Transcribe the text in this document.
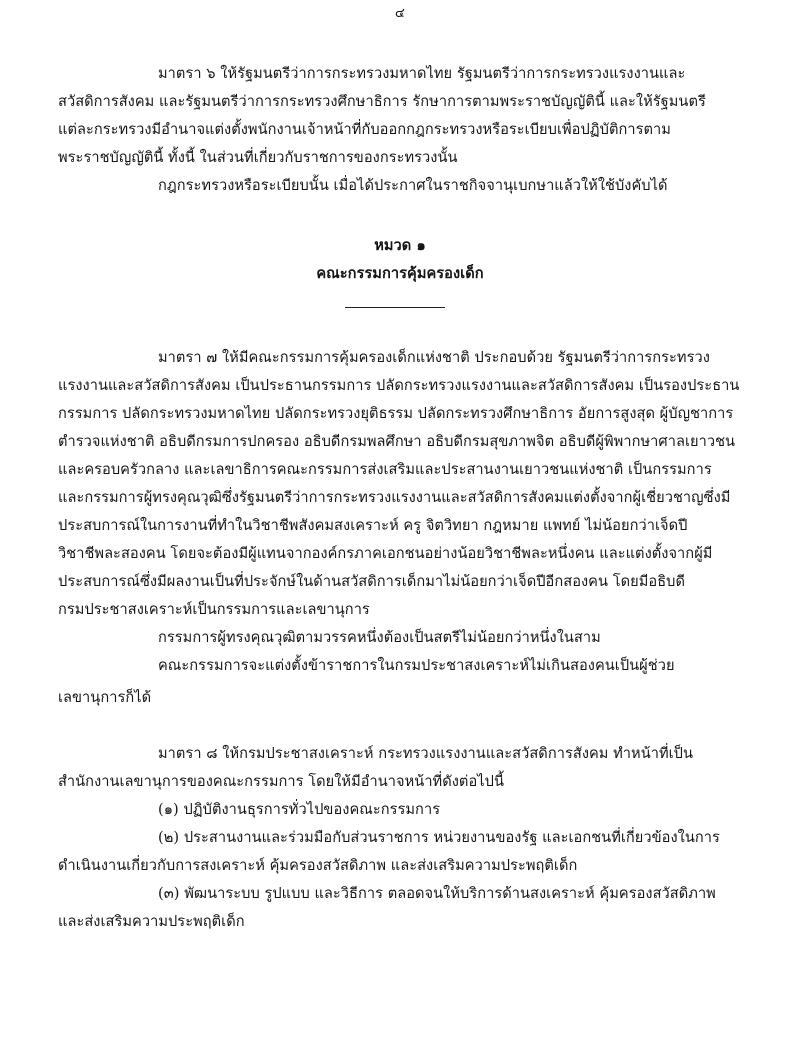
๔
มาตรา ๖ ให้รัฐมนตรีว่าการกระทรวงมหาดไทย รัฐมนตรีว่าการกระทรวงแรงงานและ
สวัสดิการสังคม และรัฐมนตรีว่าการกระทรวงศึกษาธิการ รักษาการตามพระราชบัญญัตินี้ และให้รัฐมนตรี
แต่ละกระทรวงมีอำนาจแต่งตั้งพนักงานเจ้าหน้าที่กับออกกฎกระทรวงหรือระเบียบเพื่อปฏิบัติการตาม
พระราชบัญญัตินี้ ทั้งนี้ ในส่วนที่เกี่ยวกับราชการของกระทรวงนั้น
กฎกระทรวงหรือระเบียบนั้น เมื่อได้ประกาศในราชกิจจานุเบกษาแล้วให้ใช้บังคับได้
หมวด ๑
คณะกรรมการคุ้มครองเด็ก
มาตรา ๗ ให้มีคณะกรรมการคุ้มครองเด็กแห่งชาติ ประกอบด้วย รัฐมนตรีว่าการกระทรวง
แรงงานและสวัสดิการสังคม เป็นประธานกรรมการ ปลัดกระทรวงแรงงานและสวัสดิการสังคม เป็นรองประธาน
กรรมการ ปลัดกระทรวงมหาดไทย ปลัดกระทรวงยุติธรรม ปลัดกระทรวงศึกษาธิการ อัยการสูงสุด ผู้บัญชาการ
ตำรวจแห่งชาติ อธิบดีกรมการปกครอง อธิบดีกรมพลศึกษา อธิบดีกรมสุขภาพจิต อธิบดีผู้พิพากษาศาลเยาวชน
และครอบครัวกลาง และเลขาธิการคณะกรรมการส่งเสริมและประสานงานเยาวชนแห่งชาติ เป็นกรรมการ
และกรรมการผู้ทรงคุณวุฒิซึ่งรัฐมนตรีว่าการกระทรวงแรงงานและสวัสดิการสังคมแต่งตั้งจากผู้เชี่ยวชาญซึ่งมี
ประสบการณ์ในการงานที่ทำในวิชาชีพสังคมสงเคราะห์ ครู จิตวิทยา กฎหมาย แพทย์ ไม่น้อยกว่าเจ็ดปี
วิชาชีพละสองคน โดยจะต้องมีผู้แทนจากองค์กรภาคเอกชนอย่างน้อยวิชาชีพละหนึ่งคน และแต่งตั้งจากผู้มี
ประสบการณ์ซึ่งมีผลงานเป็นที่ประจักษ์ในด้านสวัสดิการเด็กมาไม่น้อยกว่าเจ็ดปีอีกสองคน โดยมีอธิบดี
กรมประชาสงเคราะห์เป็นกรรมการและเลขานุการ
กรรมการผู้ทรงคุณวุฒิตามวรรคหนึ่งต้องเป็นสตรีไม่น้อยกว่าหนึ่งในสาม
คณะกรรมการจะแต่งตั้งข้าราชการในกรมประชาสงเคราะห์ไม่เกินสองคนเป็นผู้ช่วย
เลขานุการก็ได้
มาตรา ๘ ให้กรมประชาสงเคราะห์ กระทรวงแรงงานและสวัสดิการสังคม ทำหน้าที่เป็น
สำนักงานเลขานุการของคณะกรรมการ โดยให้มีอำนาจหน้าที่ดังต่อไปนี้
(๑) ปฏิบัติงานธุรการทั่วไปของคณะกรรมการ
(๒) ประสานงานและร่วมมือกับส่วนราชการ หน่วยงานของรัฐ และเอกชนที่เกี่ยวข้องในการ
ดำเนินงานเกี่ยวกับการสงเคราะห์ คุ้มครองสวัสดิภาพ และส่งเสริมความประพฤติเด็ก
(๓) พัฒนาระบบ รูปแบบ และวิธีการ ตลอดจนให้บริการด้านสงเคราะห์ คุ้มครองสวัสดิภาพ
และส่งเสริมความประพฤติเด็ก
